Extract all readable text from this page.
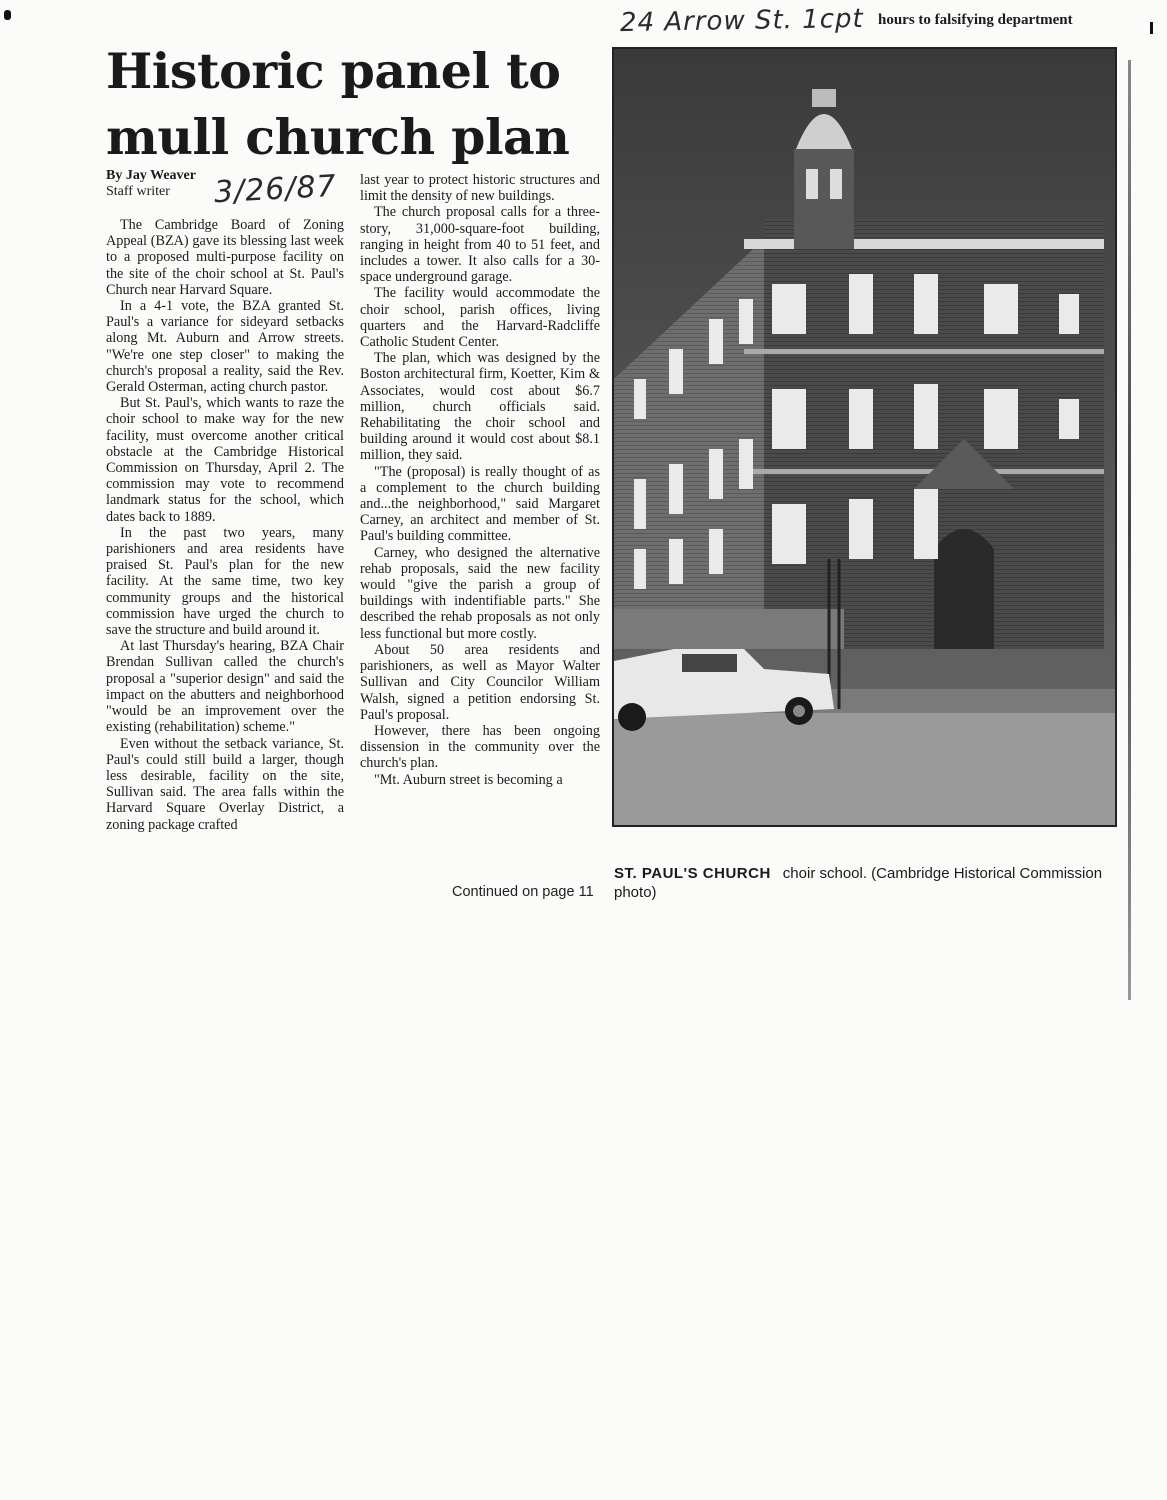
24 Arrow St. 1cpt hours to falsifying department
Historic panel to mull church plan
By Jay Weaver
Staff writer	3/26/87

The Cambridge Board of Zoning Appeal (BZA) gave its blessing last week to a proposed multi-purpose facility on the site of the choir school at St. Paul's Church near Harvard Square.

In a 4-1 vote, the BZA granted St. Paul's a variance for sideyard setbacks along Mt. Auburn and Arrow streets. "We're one step closer" to making the church's proposal a reality, said the Rev. Gerald Osterman, acting church pastor.

But St. Paul's, which wants to raze the choir school to make way for the new facility, must overcome another critical obstacle at the Cambridge Historical Commission on Thursday, April 2. The commission may vote to recommend landmark status for the school, which dates back to 1889.

In the past two years, many parishioners and area residents have praised St. Paul's plan for the new facility. At the same time, two key community groups and the historical commission have urged the church to save the structure and build around it.

At last Thursday's hearing, BZA Chair Brendan Sullivan called the church's proposal a "superior design" and said the impact on the abutters and neighborhood "would be an improvement over the existing (rehabilitation) scheme."

Even without the setback variance, St. Paul's could still build a larger, though less desirable, facility on the site, Sullivan said. The area falls within the Harvard Square Overlay District, a zoning package crafted

last year to protect historic structures and limit the density of new buildings.

The church proposal calls for a three-story, 31,000-square-foot building, ranging in height from 40 to 51 feet, and includes a tower. It also calls for a 30-space underground garage.

The facility would accommodate the choir school, parish offices, living quarters and the Harvard-Radcliffe Catholic Student Center.

The plan, which was designed by the Boston architectural firm, Koetter, Kim & Associates, would cost about $6.7 million, church officials said. Rehabilitating the choir school and building around it would cost about $8.1 million, they said.

"The (proposal) is really thought of as a complement to the church building and...the neighborhood," said Margaret Carney, an architect and member of St. Paul's building committee.

Carney, who designed the alternative rehab proposals, said the new facility would "give the parish a group of buildings with indentifiable parts." She described the rehab proposals as not only less functional but more costly.

About 50 area residents and parishioners, as well as Mayor Walter Sullivan and City Councilor William Walsh, signed a petition endorsing St. Paul's proposal.

However, there has been ongoing dissension in the community over the church's plan.

"Mt. Auburn street is becoming a

Continued on page 11
ST. PAUL'S CHURCH choir school. (Cambridge Historical Commission photo)
